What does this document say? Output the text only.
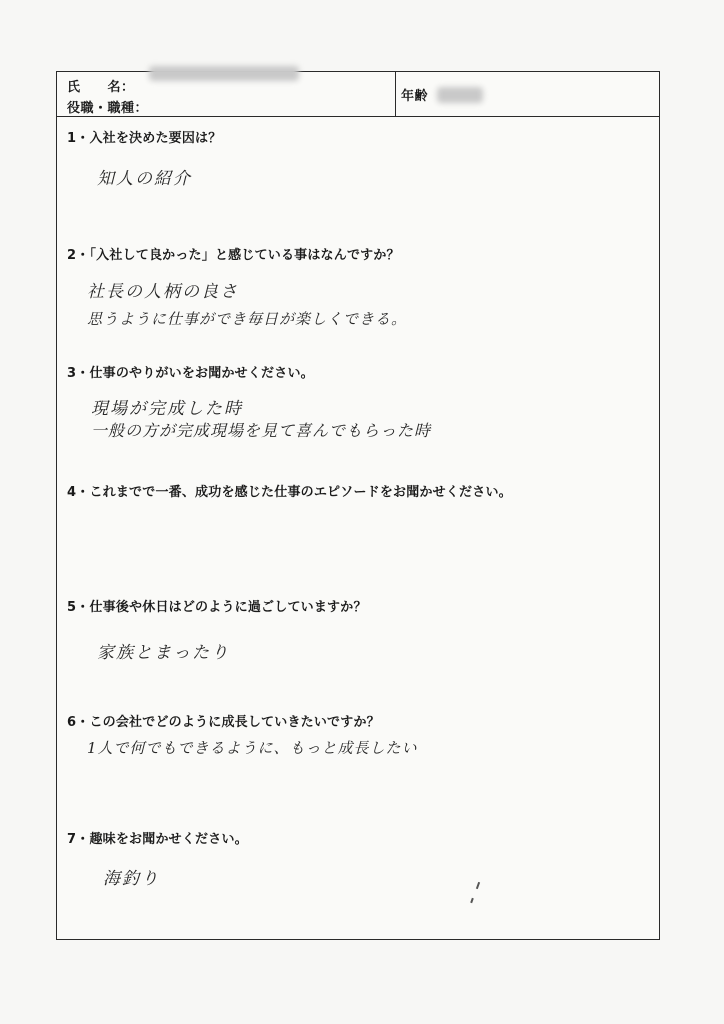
氏　　名：
役職・職種：
年齢
1・入社を決めた要因は？
知人の紹介
2・「入社して良かった」と感じている事はなんですか？
社長の人柄の良さ
思うように仕事ができ毎日が楽しくできる。
3・仕事のやりがいをお聞かせください。
現場が完成した時
一般の方が完成現場を見て喜んでもらった時
4・これまでで一番、成功を感じた仕事のエピソードをお聞かせください。
5・仕事後や休日はどのように過ごしていますか？
家族とまったり
6・この会社でどのように成長していきたいですか？
1人で何でもできるように、もっと成長したい
7・趣味をお聞かせください。
海釣り
